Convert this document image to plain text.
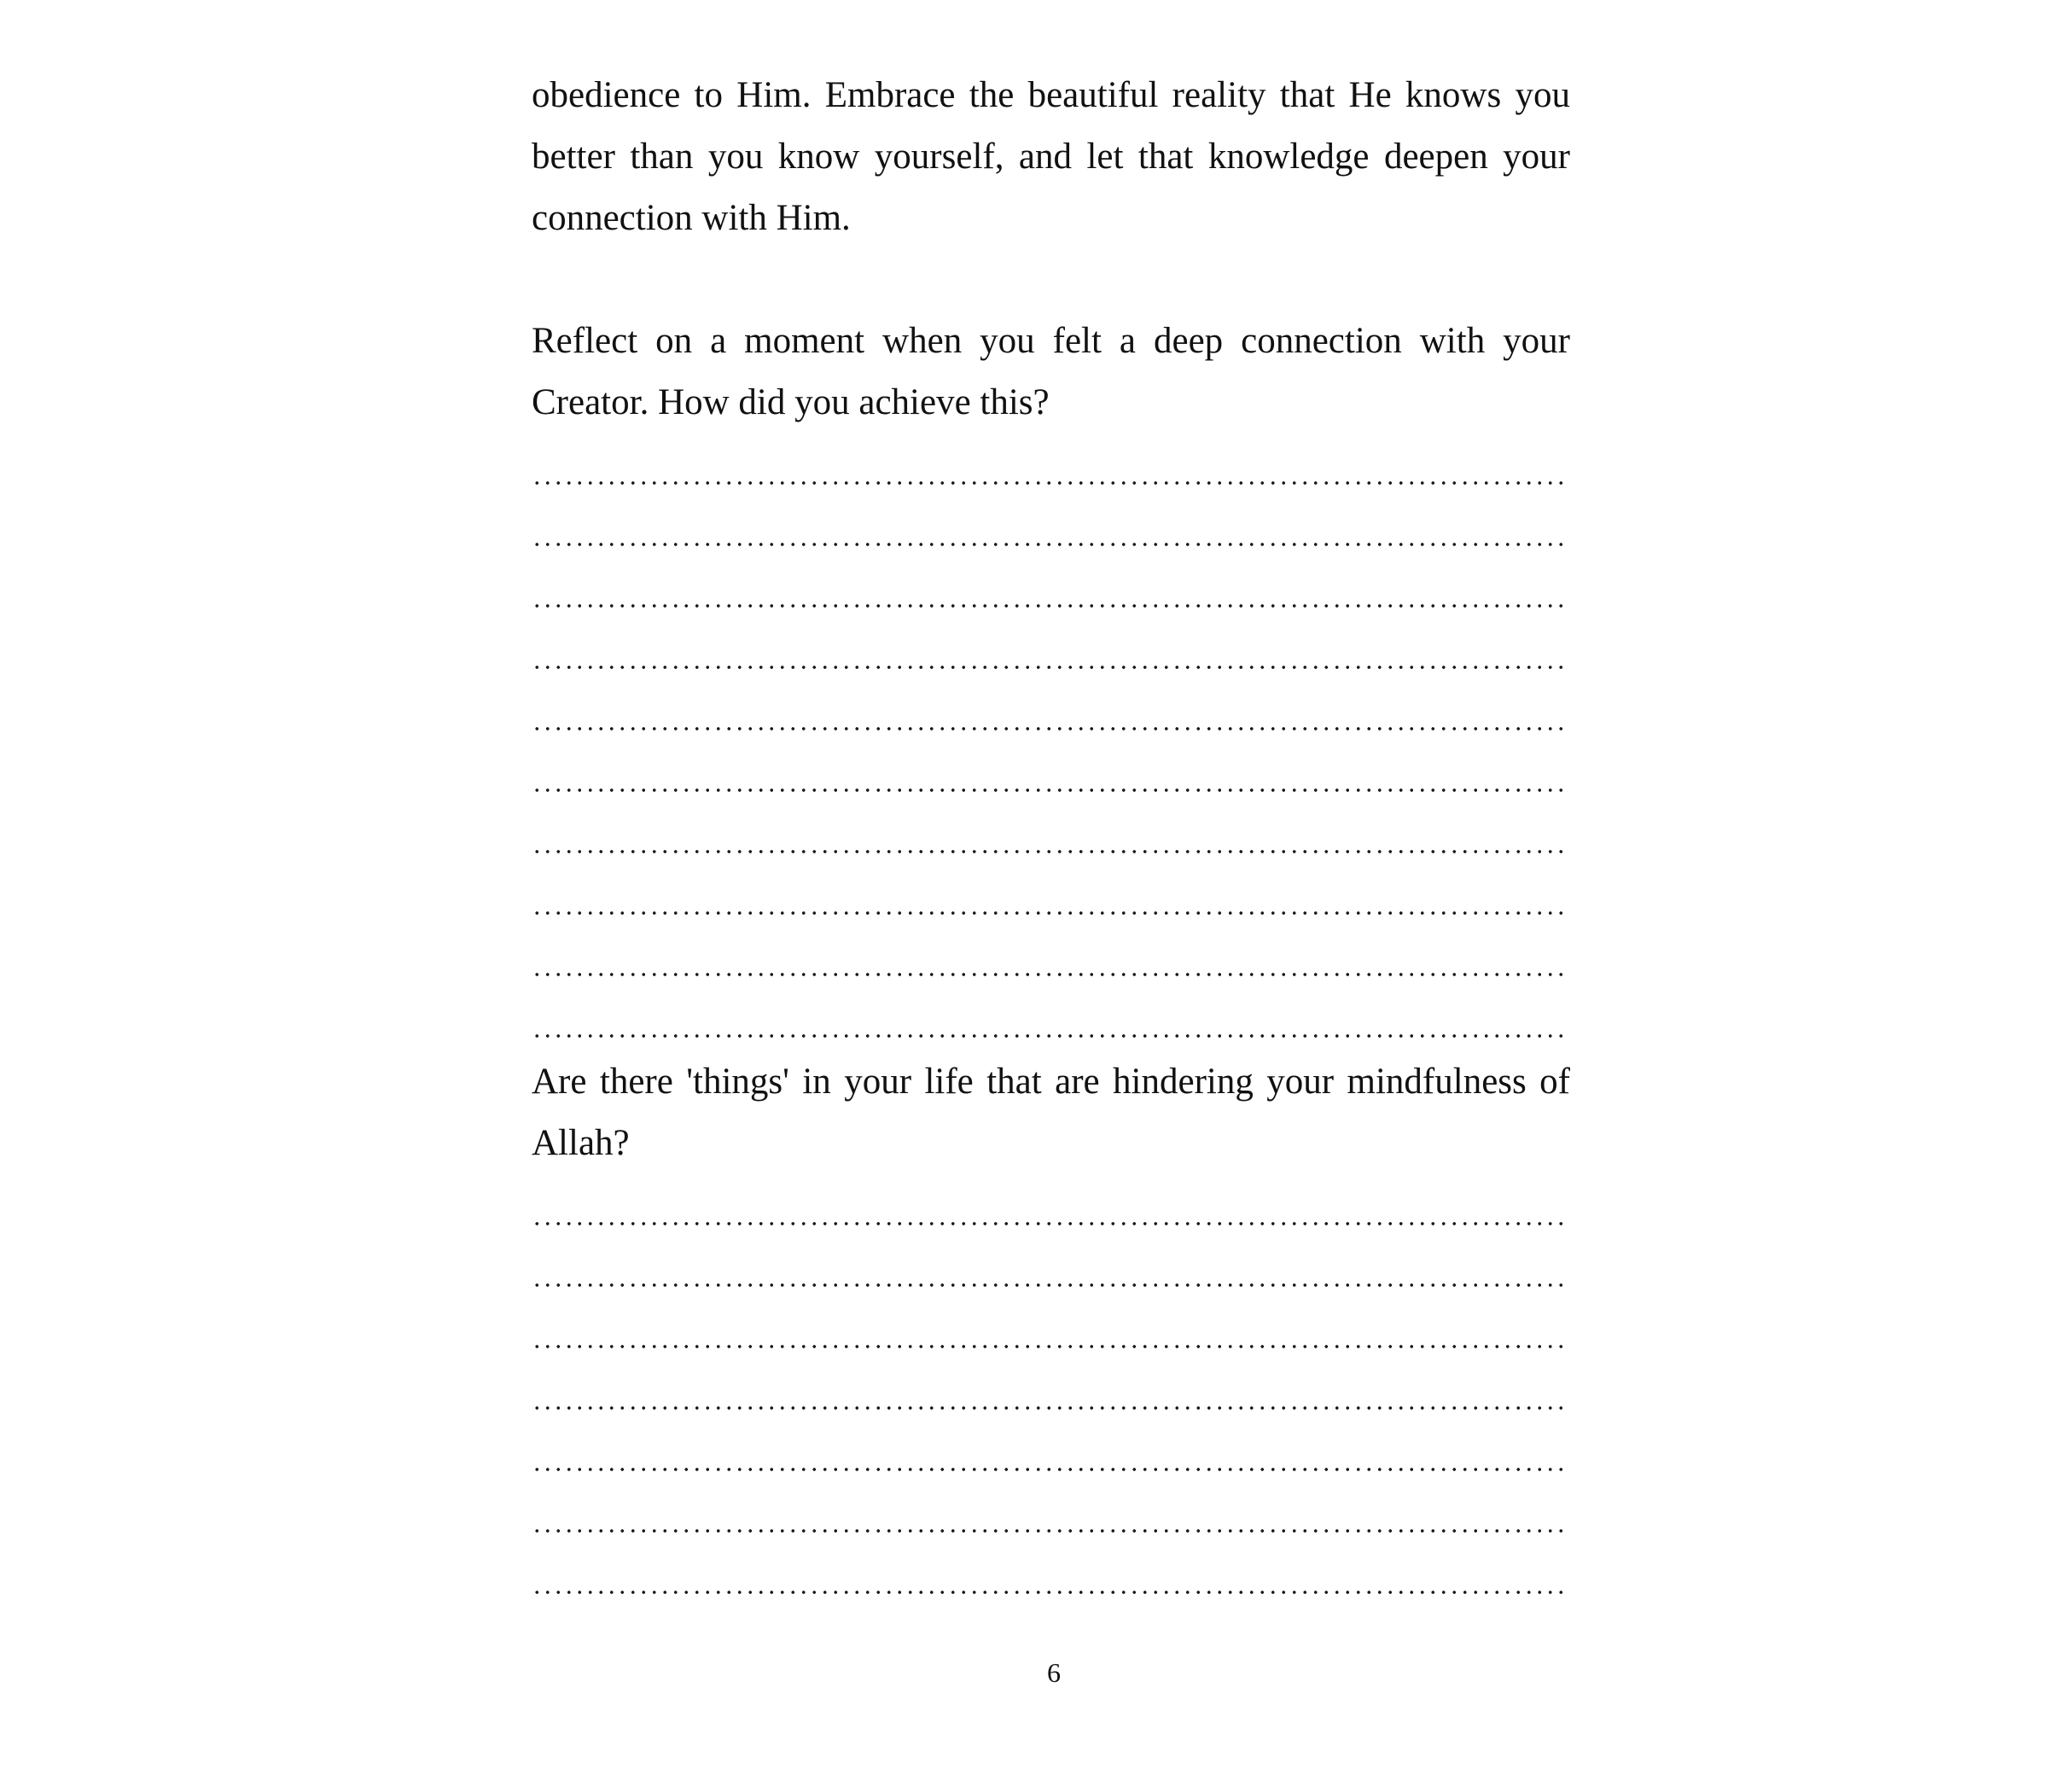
obedience to Him. Embrace the beautiful reality that He knows you better than you know yourself, and let that knowledge deepen your connection with Him.

Reflect on a moment when you felt a deep connection with your Creator. How did you achieve this?

Are there 'things' in your life that are hindering your mindfulness of Allah?

6
